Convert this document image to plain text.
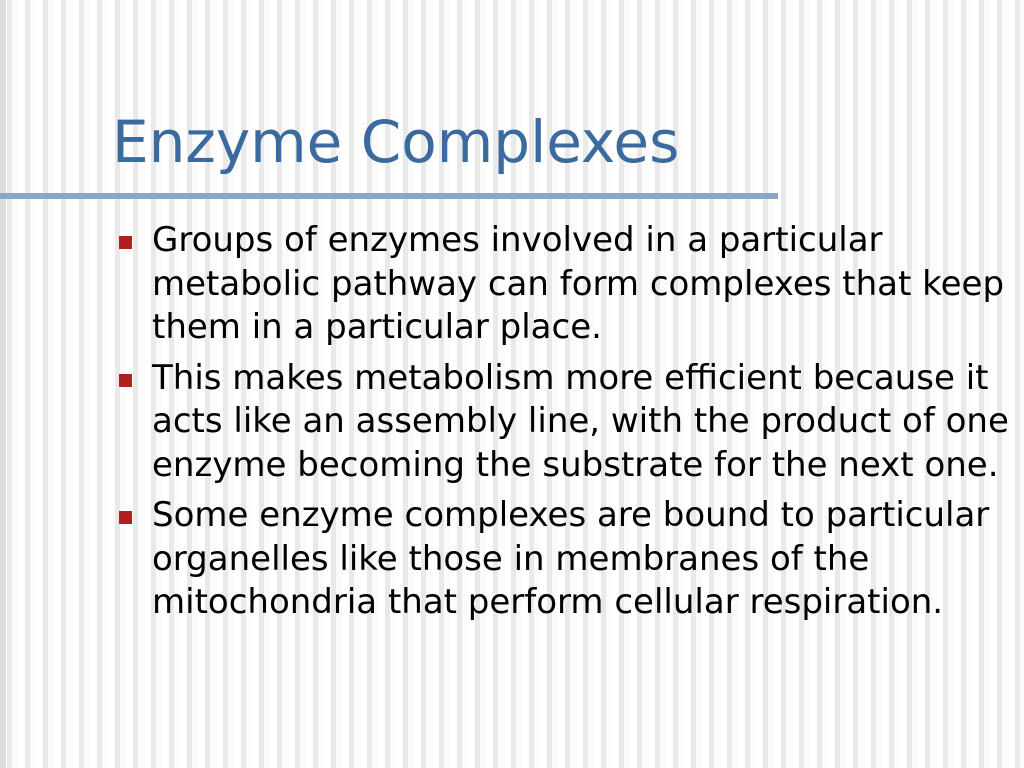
Enzyme Complexes
Groups of enzymes involved in a particular metabolic pathway can form complexes that keep them in a particular place.
This makes metabolism more efficient because it acts like an assembly line, with the product of one enzyme becoming the substrate for the next one.
Some enzyme complexes are bound to particular organelles like those in membranes of the mitochondria that perform cellular respiration.
